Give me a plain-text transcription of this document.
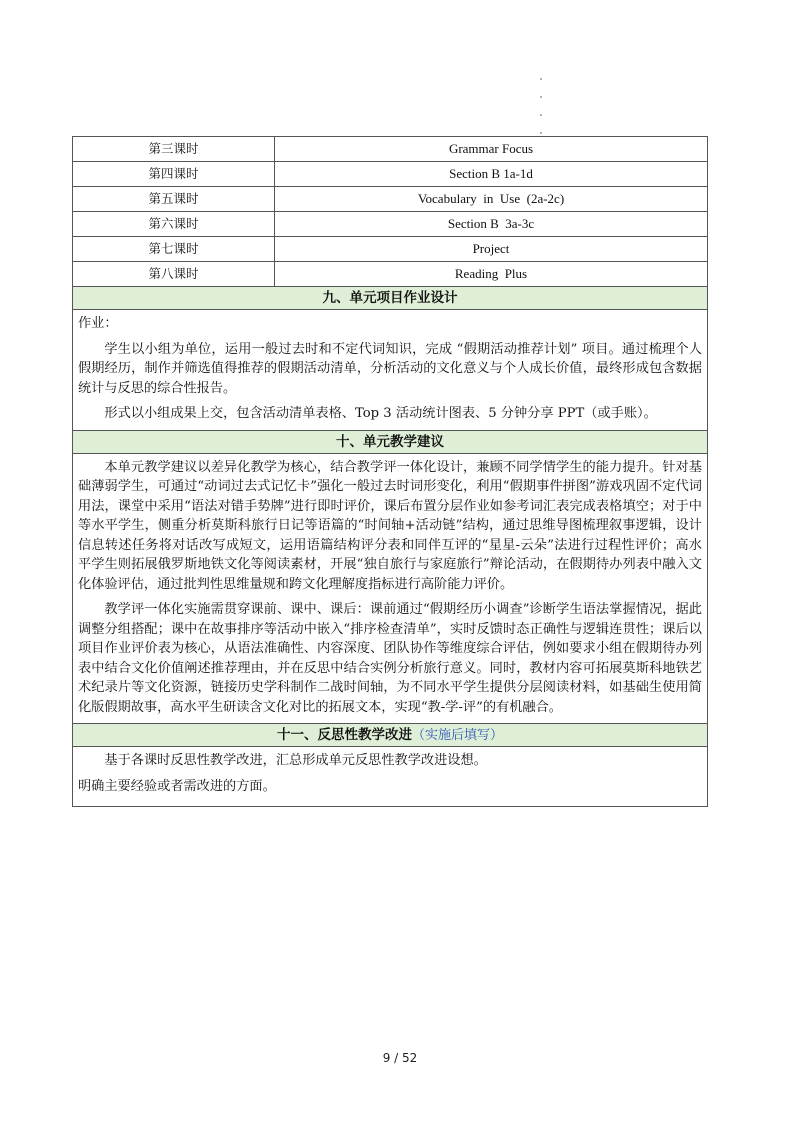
第三课时	Grammar Focus
第四课时	Section B 1a-1d
第五课时	Vocabulary  in  Use  (2a-2c)
第六课时	Section B  3a-3c
第七课时	Project
第八课时	Reading  Plus
九、单元项目作业设计

作业：

学生以小组为单位，运用一般过去时和不定代词知识，完成 “假期活动推荐计划” 项目。通过梳理个人假期经历，制作并筛选值得推荐的假期活动清单，分析活动的文化意义与个人成长价值，最终形成包含数据统计与反思的综合性报告。

形式以小组成果上交，包含活动清单表格、Top 3 活动统计图表、5 分钟分享 PPT（或手账）。

十、单元教学建议

本单元教学建议以差异化教学为核心，结合教学评一体化设计，兼顾不同学情学生的能力提升。针对基础薄弱学生，可通过“动词过去式记忆卡”强化一般过去时词形变化，利用“假期事件拼图”游戏巩固不定代词用法，课堂中采用“语法对错手势牌”进行即时评价，课后布置分层作业如参考词汇表完成表格填空；对于中等水平学生，侧重分析莫斯科旅行日记等语篇的“时间轴+活动链”结构，通过思维导图梳理叙事逻辑，设计信息转述任务将对话改写成短文，运用语篇结构评分表和同伴互评的“星星-云朵”法进行过程性评价；高水平学生则拓展俄罗斯地铁文化等阅读素材，开展“独自旅行与家庭旅行”辩论活动，在假期待办列表中融入文化体验评估，通过批判性思维量规和跨文化理解度指标进行高阶能力评价。

教学评一体化实施需贯穿课前、课中、课后：课前通过“假期经历小调查”诊断学生语法掌握情况，据此调整分组搭配；课中在故事排序等活动中嵌入“排序检查清单”，实时反馈时态正确性与逻辑连贯性；课后以项目作业评价表为核心，从语法准确性、内容深度、团队协作等维度综合评估，例如要求小组在假期待办列表中结合文化价值阐述推荐理由，并在反思中结合实例分析旅行意义。同时，教材内容可拓展莫斯科地铁艺术纪录片等文化资源，链接历史学科制作二战时间轴，为不同水平学生提供分层阅读材料，如基础生使用简化版假期故事，高水平生研读含文化对比的拓展文本，实现“教-学-评”的有机融合。

十一、反思性教学改进（实施后填写）

基于各课时反思性教学改进，汇总形成单元反思性教学改进设想。

明确主要经验或者需改进的方面。

9 / 52
